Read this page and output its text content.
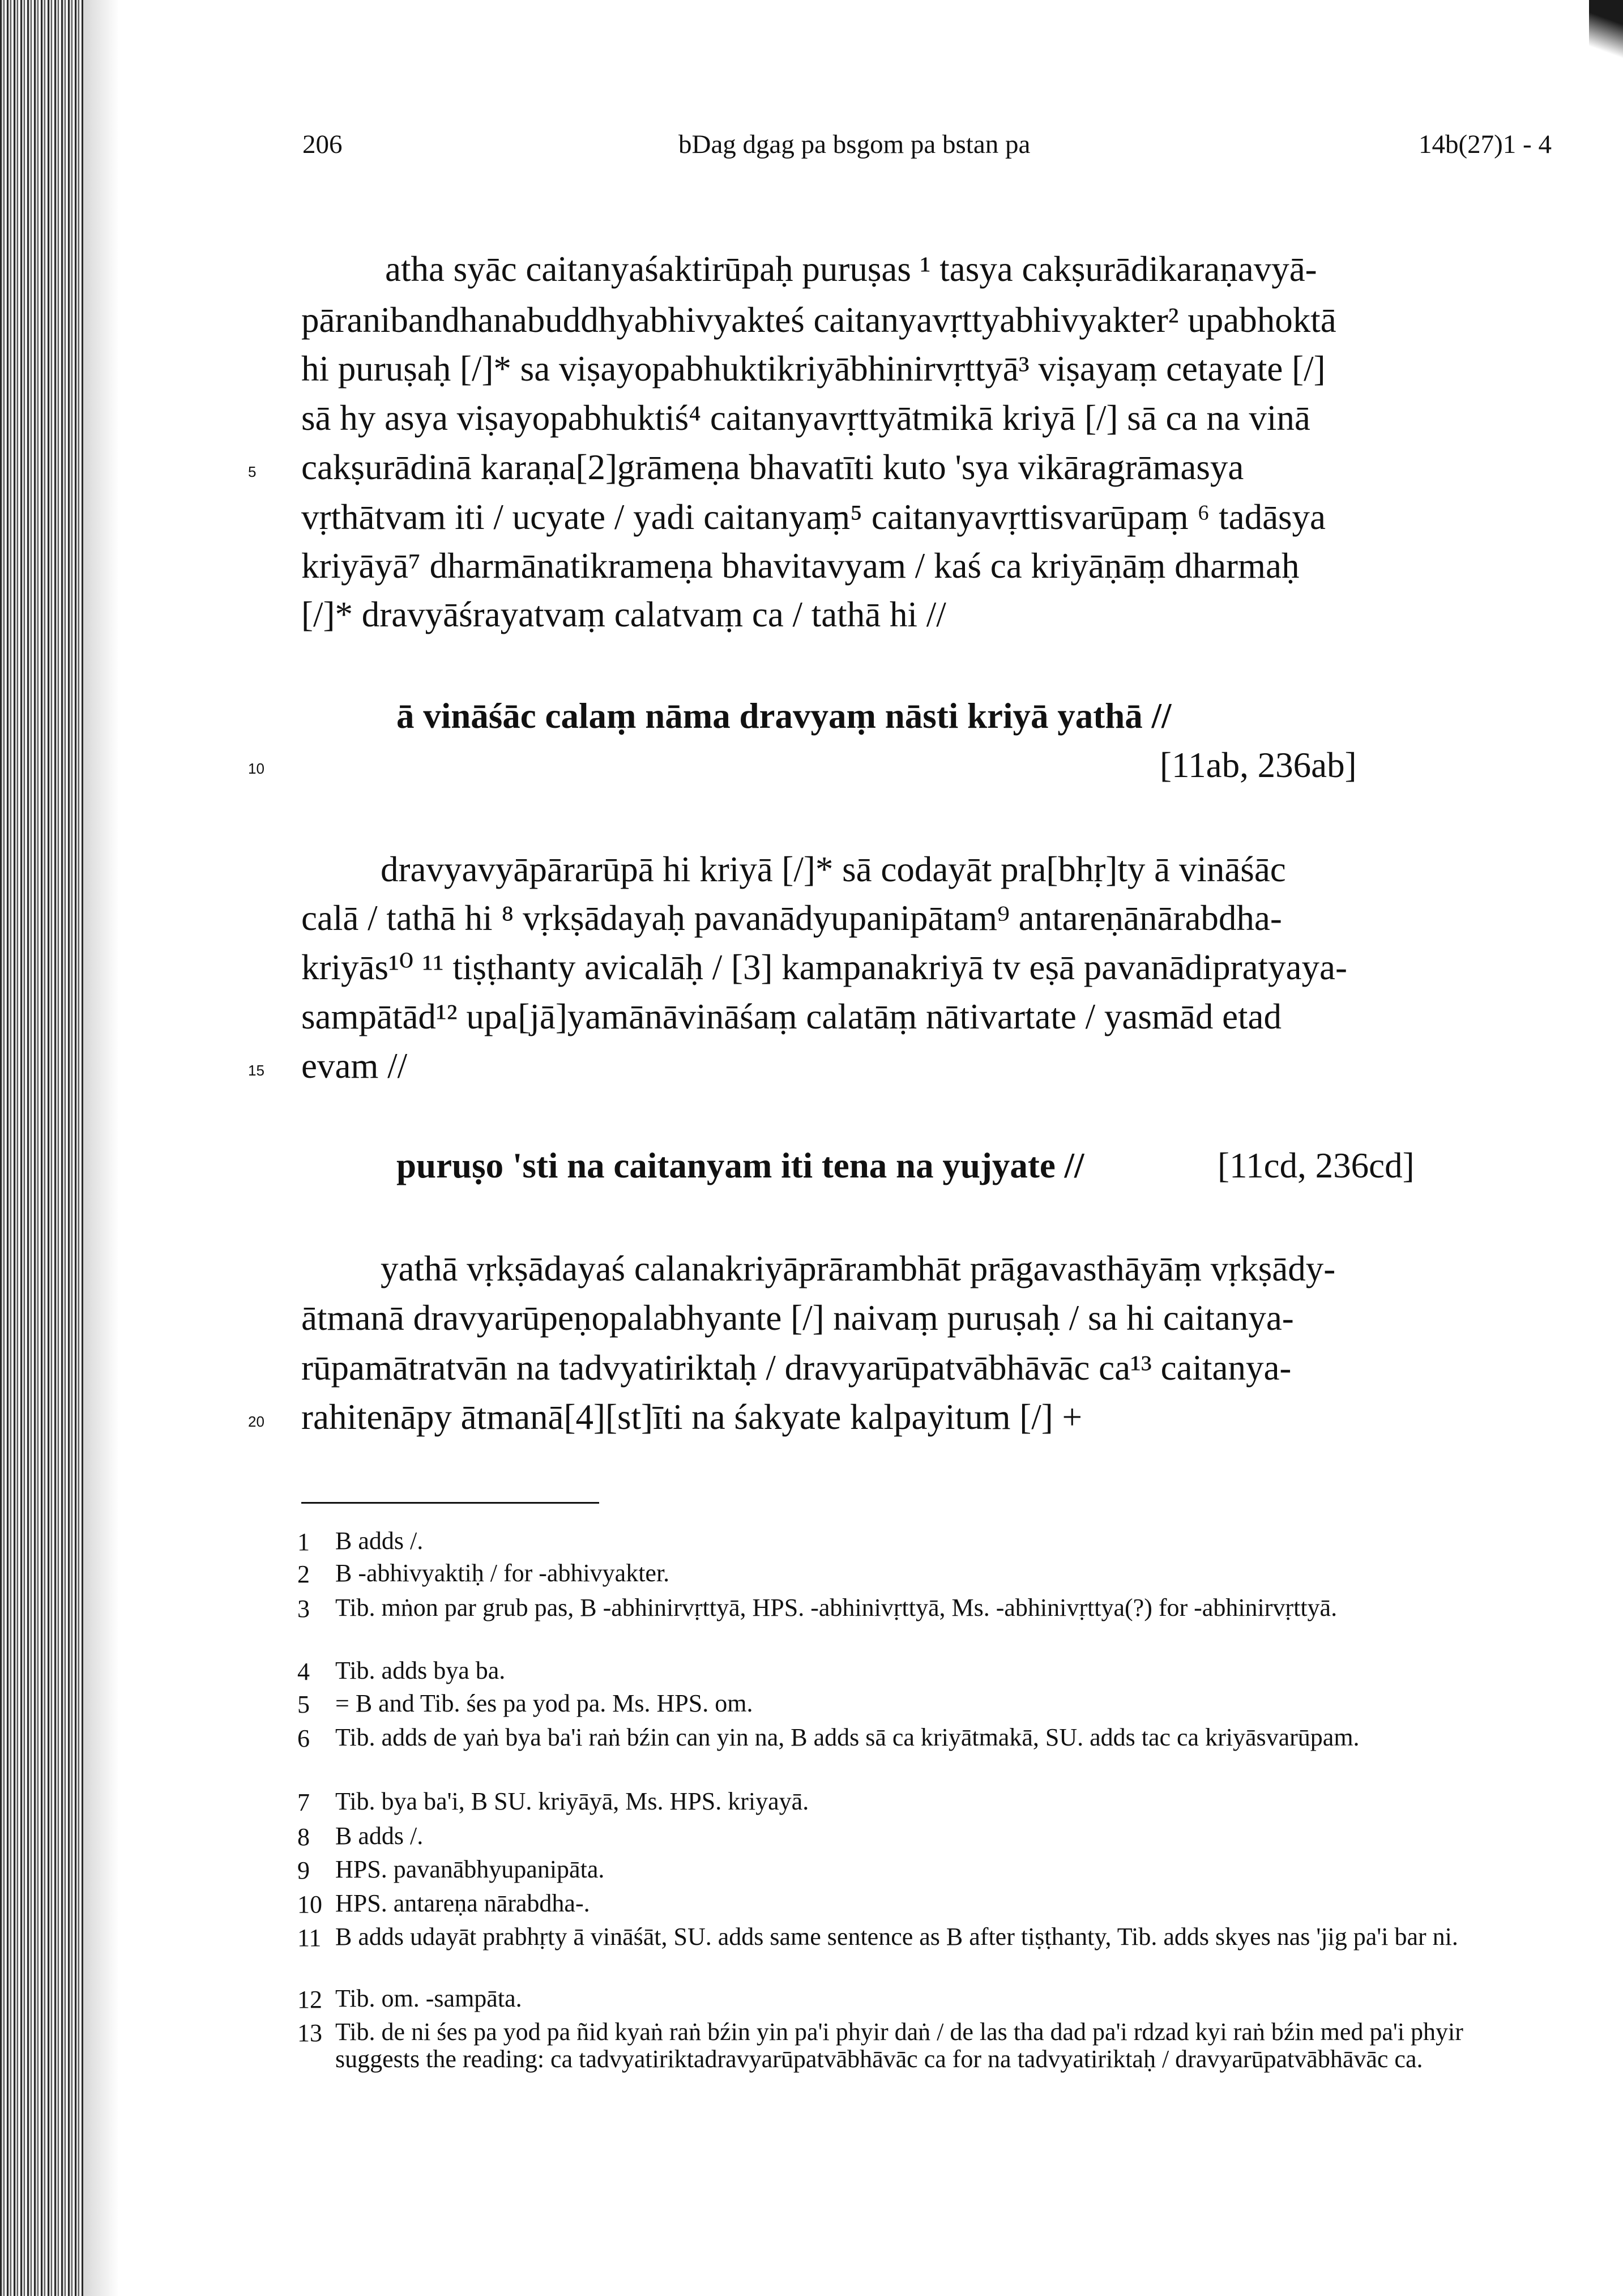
206	bDag dgag pa bsgom pa bstan pa	14b(27)1 - 4
atha syāc caitanyaśaktirūpaḥ puruṣas ¹ tasya cakṣurādikaraṇavyā-
pāranibandhanabuddhyabhivyakteś caitanyavṛttyabhivyakter² upabhoktā
hi puruṣaḥ [/]* sa viṣayopabhuktikriyābhinirvṛttyā³ viṣayaṃ cetayate [/]
sā hy asya viṣayopabhuktiś⁴ caitanyavṛttyātmikā kriyā [/] sā ca na vinā
cakṣurādinā karaṇa[2]grāmeṇa bhavatīti kuto 'sya vikāragrāmasya
vṛthātvam iti / ucyate / yadi caitanyaṃ⁵ caitanyavṛttisvarūpaṃ ⁶ tadāsya
kriyāyā⁷ dharmānatikrameṇa bhavitavyam / kaś ca kriyāṇāṃ dharmaḥ
[/]* dravyāśrayatvaṃ calatvaṃ ca / tathā hi //
5
ā vināśāc calaṃ nāma dravyaṃ nāsti kriyā yathā //
[11ab, 236ab]
10
dravyavyāpārarūpā hi kriyā [/]* sā codayāt pra[bhṛ]ty ā vināśāc
calā / tathā hi ⁸ vṛkṣādayaḥ pavanādyupanipātam⁹ antareṇānārabdha-
kriyās¹⁰ ¹¹ tiṣṭhanty avicalāḥ / [3] kampanakriyā tv eṣā pavanādipratyaya-
sampātād¹² upa[jā]yamānāvināśaṃ calatāṃ nātivartate / yasmād etad
evam //
15
puruṣo 'sti na caitanyam iti tena na yujyate //	[11cd, 236cd]
yathā vṛkṣādayaś calanakriyāprārambhāt prāgavasthāyāṃ vṛkṣādy-
ātmanā dravyarūpeṇopalabhyante [/] naivaṃ puruṣaḥ / sa hi caitanya-
rūpamātratvān na tadvyatiriktaḥ / dravyarūpatvābhāvāc ca¹³ caitanya-
rahitenāpy ātmanā[4][st]īti na śakyate kalpayitum [/] +
20
1 B adds /.
2 B -abhivyaktiḥ / for -abhivyakter.
3 Tib. mṅon par grub pas, B -abhinirvṛttyā, HPS. -abhinivṛttyā, Ms. -abhinivṛttya(?) for -abhinirvṛttyā.
4 Tib. adds bya ba.
5 = B and Tib. śes pa yod pa. Ms. HPS. om.
6 Tib. adds de yaṅ bya ba'i raṅ bźin can yin na, B adds sā ca kriyātmakā, SU. adds tac ca kriyāsvarūpam.
7 Tib. bya ba'i, B SU. kriyāyā, Ms. HPS. kriyayā.
8 B adds /.
9 HPS. pavanābhyupanipāta.
10 HPS. antareṇa nārabdha-.
11 B adds udayāt prabhṛty ā vināśāt, SU. adds same sentence as B after tiṣṭhanty, Tib. adds skyes nas 'jig pa'i bar ni.
12 Tib. om. -sampāta.
13 Tib. de ni śes pa yod pa ñid kyaṅ raṅ bźin yin pa'i phyir daṅ / de las tha dad pa'i rdzad kyi raṅ bźin med pa'i phyir suggests the reading: ca tadvyatiriktadravyarūpatvābhāvāc ca for na tadvyatiriktaḥ / dravyarūpatvābhāvāc ca.
